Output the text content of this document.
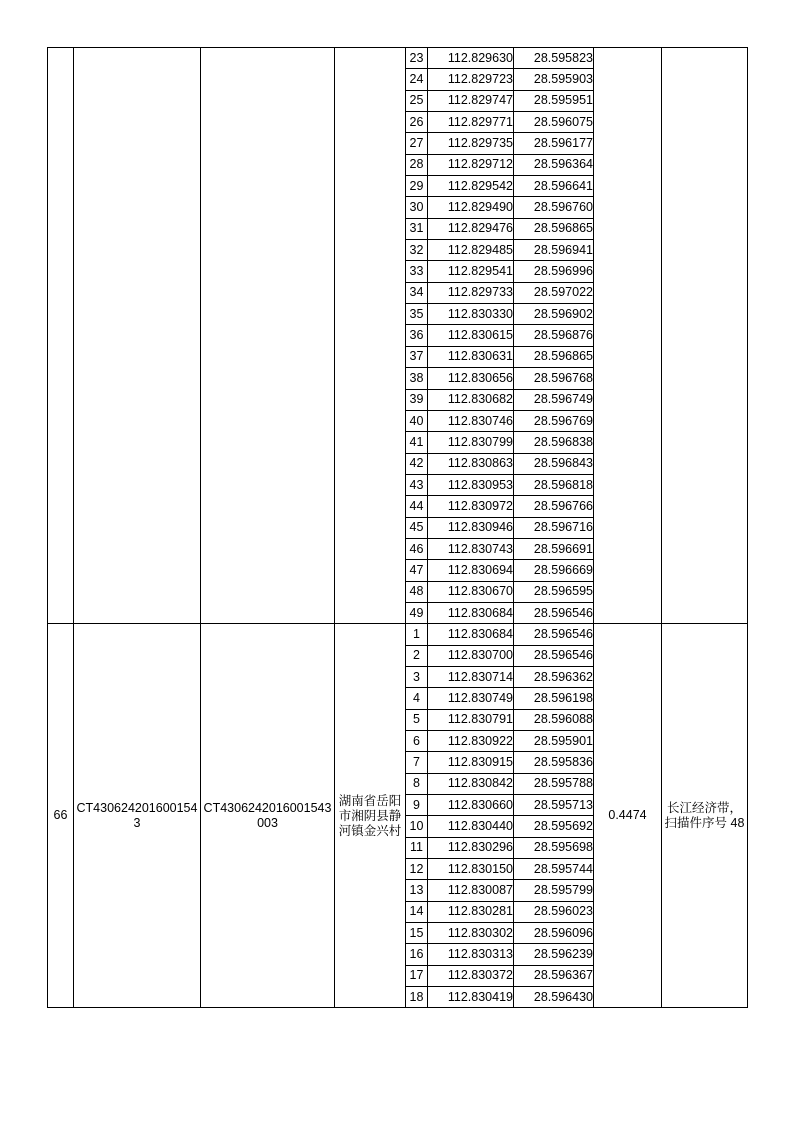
				23	112.829630	28.595823		
				24	112.829723	28.595903		
				25	112.829747	28.595951		
				26	112.829771	28.596075		
				27	112.829735	28.596177		
				28	112.829712	28.596364		
				29	112.829542	28.596641		
				30	112.829490	28.596760		
				31	112.829476	28.596865		
				32	112.829485	28.596941		
				33	112.829541	28.596996		
				34	112.829733	28.597022		
				35	112.830330	28.596902		
				36	112.830615	28.596876		
				37	112.830631	28.596865		
				38	112.830656	28.596768		
				39	112.830682	28.596749		
				40	112.830746	28.596769		
				41	112.830799	28.596838		
				42	112.830863	28.596843		
				43	112.830953	28.596818		
				44	112.830972	28.596766		
				45	112.830946	28.596716		
				46	112.830743	28.596691		
				47	112.830694	28.596669		
				48	112.830670	28.596595		
				49	112.830684	28.596546		
66	CT4306242016001543	CT4306242016001543003	湖南省岳阳市湘阴县静河镇金兴村	1	112.830684	28.596546	0.4474	长江经济带，扫描件序号 48
				2	112.830700	28.596546		
				3	112.830714	28.596362		
				4	112.830749	28.596198		
				5	112.830791	28.596088		
				6	112.830922	28.595901		
				7	112.830915	28.595836		
				8	112.830842	28.595788		
				9	112.830660	28.595713		
				10	112.830440	28.595692		
				11	112.830296	28.595698		
				12	112.830150	28.595744		
				13	112.830087	28.595799		
				14	112.830281	28.596023		
				15	112.830302	28.596096		
				16	112.830313	28.596239		
				17	112.830372	28.596367		
				18	112.830419	28.596430		
